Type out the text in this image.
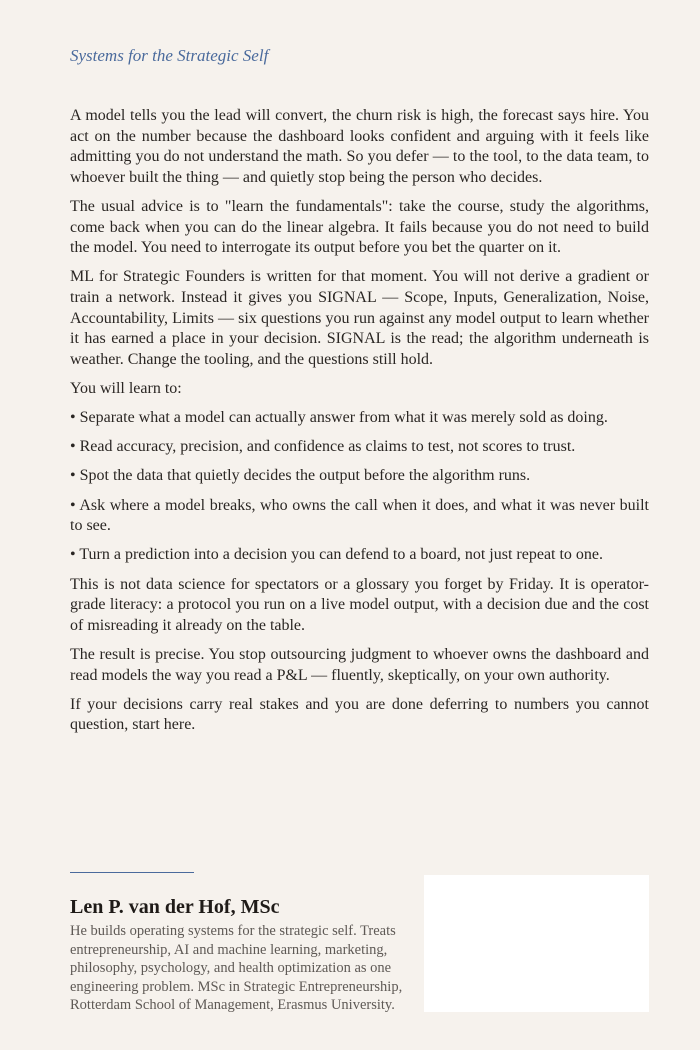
Systems for the Strategic Self

A model tells you the lead will convert, the churn risk is high, the forecast says hire. You act on the number because the dashboard looks confident and arguing with it feels like admitting you do not understand the math. So you defer — to the tool, to the data team, to whoever built the thing — and quietly stop being the person who decides.

The usual advice is to "learn the fundamentals": take the course, study the algorithms, come back when you can do the linear algebra. It fails because you do not need to build the model. You need to interrogate its output before you bet the quarter on it.

ML for Strategic Founders is written for that moment. You will not derive a gradient or train a network. Instead it gives you SIGNAL — Scope, Inputs, Generalization, Noise, Accountability, Limits — six questions you run against any model output to learn whether it has earned a place in your decision. SIGNAL is the read; the algorithm underneath is weather. Change the tooling, and the questions still hold.

You will learn to:

• Separate what a model can actually answer from what it was merely sold as doing.

• Read accuracy, precision, and confidence as claims to test, not scores to trust.

• Spot the data that quietly decides the output before the algorithm runs.

• Ask where a model breaks, who owns the call when it does, and what it was never built to see.

• Turn a prediction into a decision you can defend to a board, not just repeat to one.

This is not data science for spectators or a glossary you forget by Friday. It is operator-grade literacy: a protocol you run on a live model output, with a decision due and the cost of misreading it already on the table.

The result is precise. You stop outsourcing judgment to whoever owns the dashboard and read models the way you read a P&L — fluently, skeptically, on your own authority.

If your decisions carry real stakes and you are done deferring to numbers you cannot question, start here.

Len P. van der Hof, MSc
He builds operating systems for the strategic self. Treats entrepreneurship, AI and machine learning, marketing, philosophy, psychology, and health optimization as one engineering problem. MSc in Strategic Entrepreneurship, Rotterdam School of Management, Erasmus University.
